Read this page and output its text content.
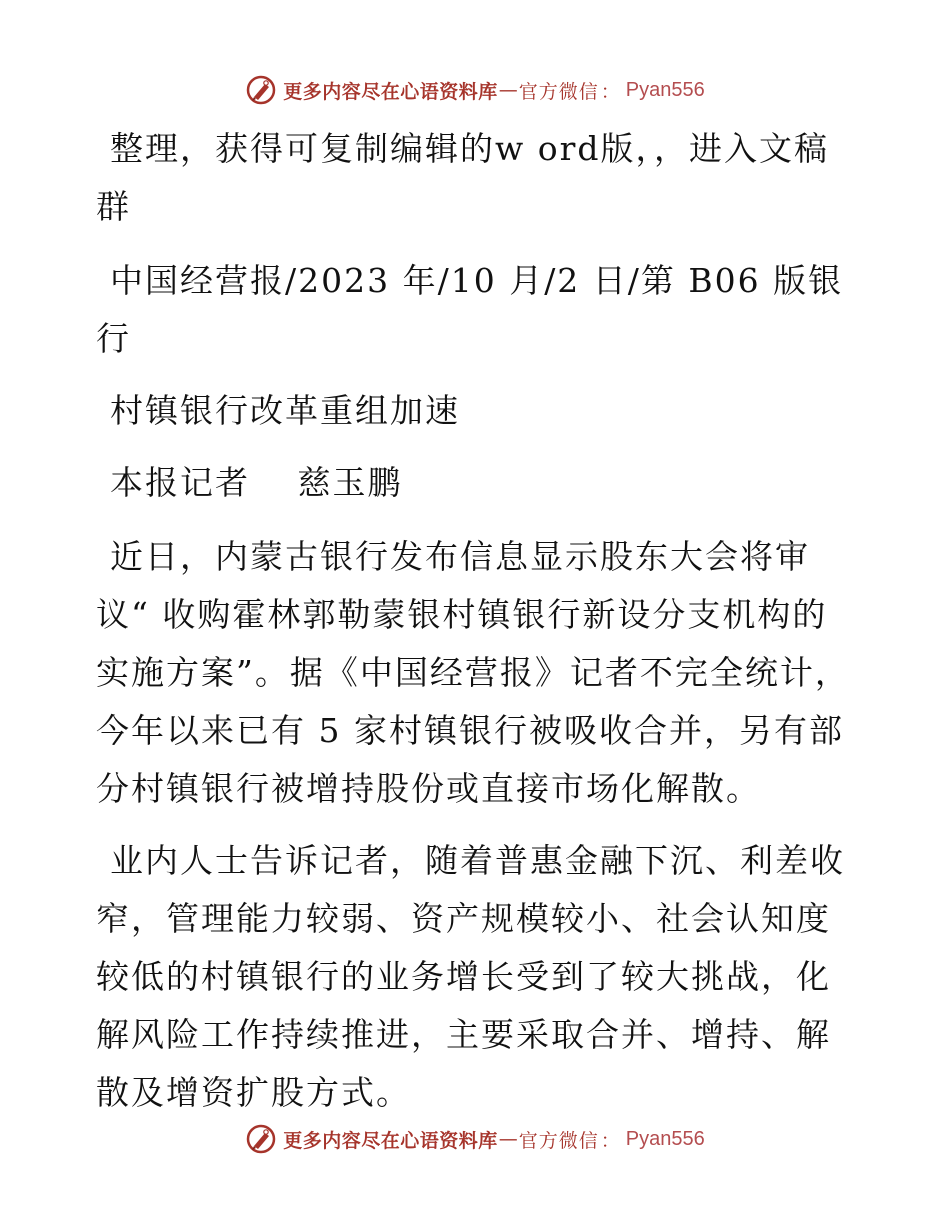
更多内容尽在心语资料库 — 官方微信 ： Pyan556

整理，获得可复制编辑的w ord版，，进入文稿群

中国经营报/2023 年/10 月/2 日/第 B06 版银行

村镇银行改革重组加速

本报记者　 慈玉鹏

近日，内蒙古银行发布信息显示股东大会将审议“ 收购霍林郭勒蒙银村镇银行新设分支机构的实施方案”。据《中国经营报》记者不完全统计，今年以来已有 5 家村镇银行被吸收合并，另有部分村镇银行被增持股份或直接市场化解散。

业内人士告诉记者，随着普惠金融下沉、利差收窄，管理能力较弱、资产规模较小、社会认知度较低的村镇银行的业务增长受到了较大挑战，化解风险工作持续推进，主要采取合并、增持、解散及增资扩股方式。

更多内容尽在心语资料库 — 官方微信 ： Pyan556
